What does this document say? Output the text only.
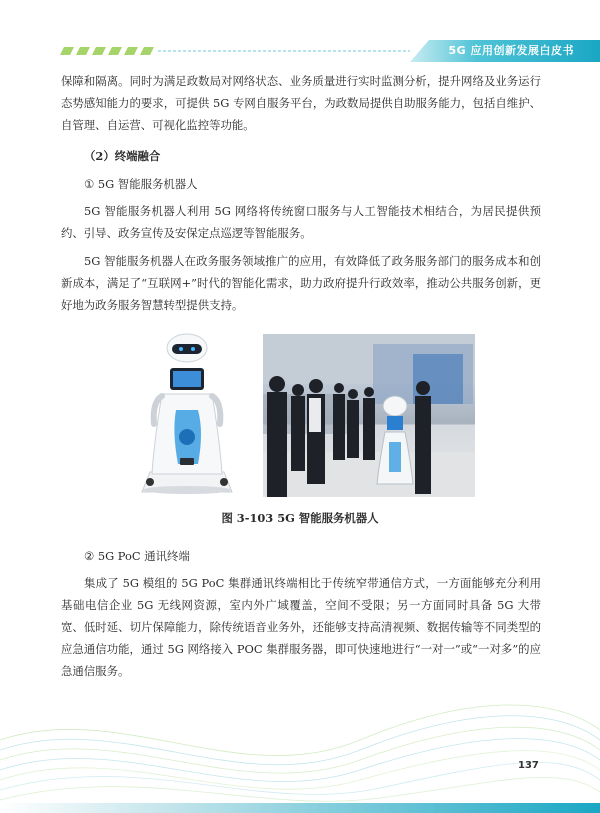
5G 应用创新发展白皮书

保障和隔离。同时为满足政数局对网络状态、业务质量进行实时监测分析，提升网络及业务运行态势感知能力的要求，可提供 5G 专网自服务平台，为政数局提供自助服务能力，包括自维护、自管理、自运营、可视化监控等功能。

（2）终端融合

① 5G 智能服务机器人

5G 智能服务机器人利用 5G 网络将传统窗口服务与人工智能技术相结合，为居民提供预约、引导、政务宣传及安保定点巡逻等智能服务。

5G 智能服务机器人在政务服务领域推广的应用，有效降低了政务服务部门的服务成本和创新成本，满足了“互联网+”时代的智能化需求，助力政府提升行政效率，推动公共服务创新，更好地为政务服务智慧转型提供支持。

图 3-103 5G 智能服务机器人

② 5G PoC 通讯终端

集成了 5G 模组的 5G PoC 集群通讯终端相比于传统窄带通信方式，一方面能够充分利用基础电信企业 5G 无线网资源，室内外广域覆盖，空间不受限；另一方面同时具备 5G 大带宽、低时延、切片保障能力，除传统语音业务外，还能够支持高清视频、数据传输等不同类型的应急通信功能，通过 5G 网络接入 POC 集群服务器，即可快速地进行“一对一”或“一对多”的应急通信服务。

137
